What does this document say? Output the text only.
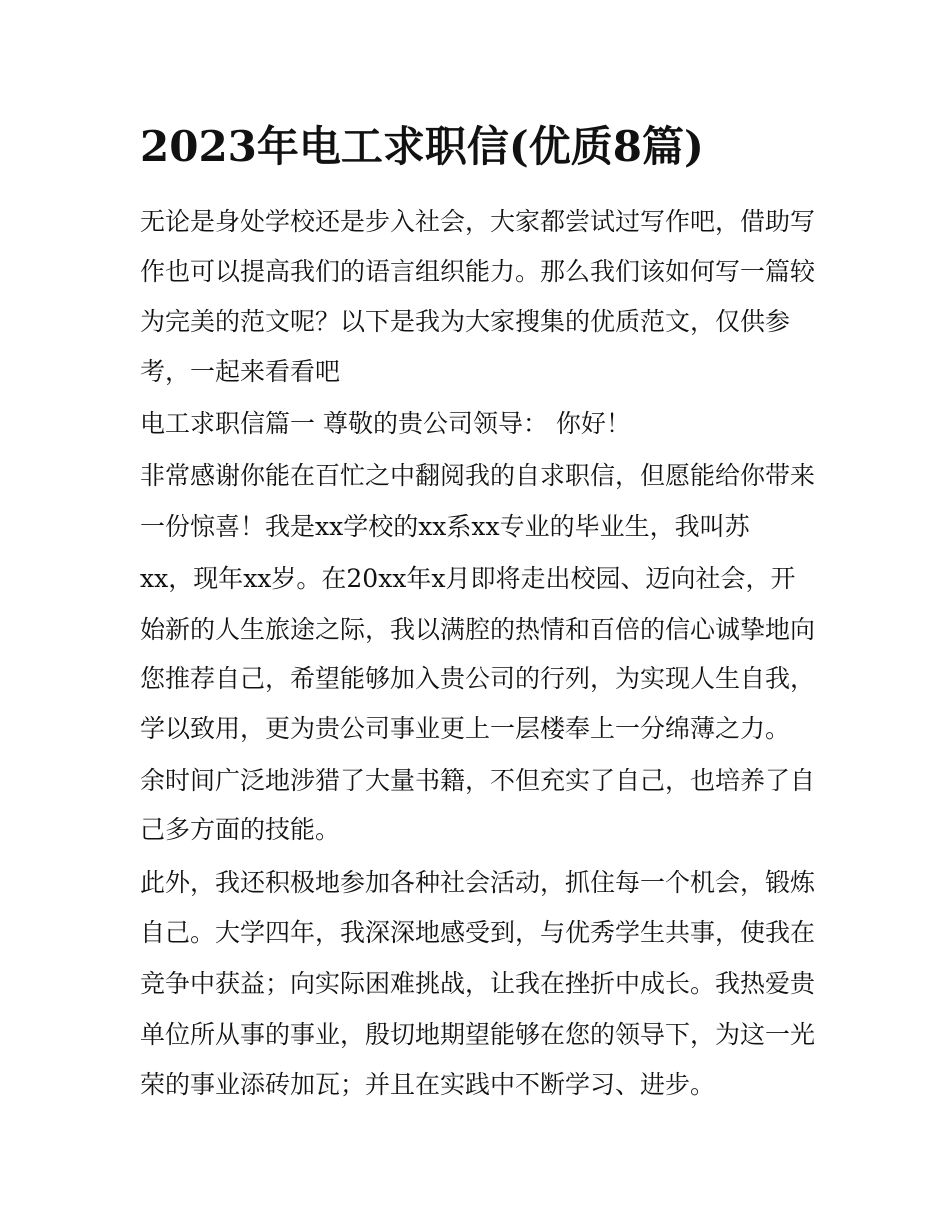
2023年电工求职信(优质8篇)

无论是身处学校还是步入社会，大家都尝试过写作吧，借助写

作也可以提高我们的语言组织能力。那么我们该如何写一篇较

为完美的范文呢？以下是我为大家搜集的优质范文，仅供参

考，一起来看看吧

电工求职信篇一 尊敬的贵公司领导： 你好！

非常感谢你能在百忙之中翻阅我的自求职信，但愿能给你带来

一份惊喜！我是xx学校的xx系xx专业的毕业生，我叫苏

xx，现年xx岁。在20xx年x月即将走出校园、迈向社会，开

始新的人生旅途之际，我以满腔的热情和百倍的信心诚挚地向

您推荐自己，希望能够加入贵公司的行列，为实现人生自我，

学以致用，更为贵公司事业更上一层楼奉上一分绵薄之力。

余时间广泛地涉猎了大量书籍，不但充实了自己，也培养了自

己多方面的技能。

此外，我还积极地参加各种社会活动，抓住每一个机会，锻炼

自己。大学四年，我深深地感受到，与优秀学生共事，使我在

竞争中获益；向实际困难挑战，让我在挫折中成长。我热爱贵

单位所从事的事业，殷切地期望能够在您的领导下，为这一光

荣的事业添砖加瓦；并且在实践中不断学习、进步。
